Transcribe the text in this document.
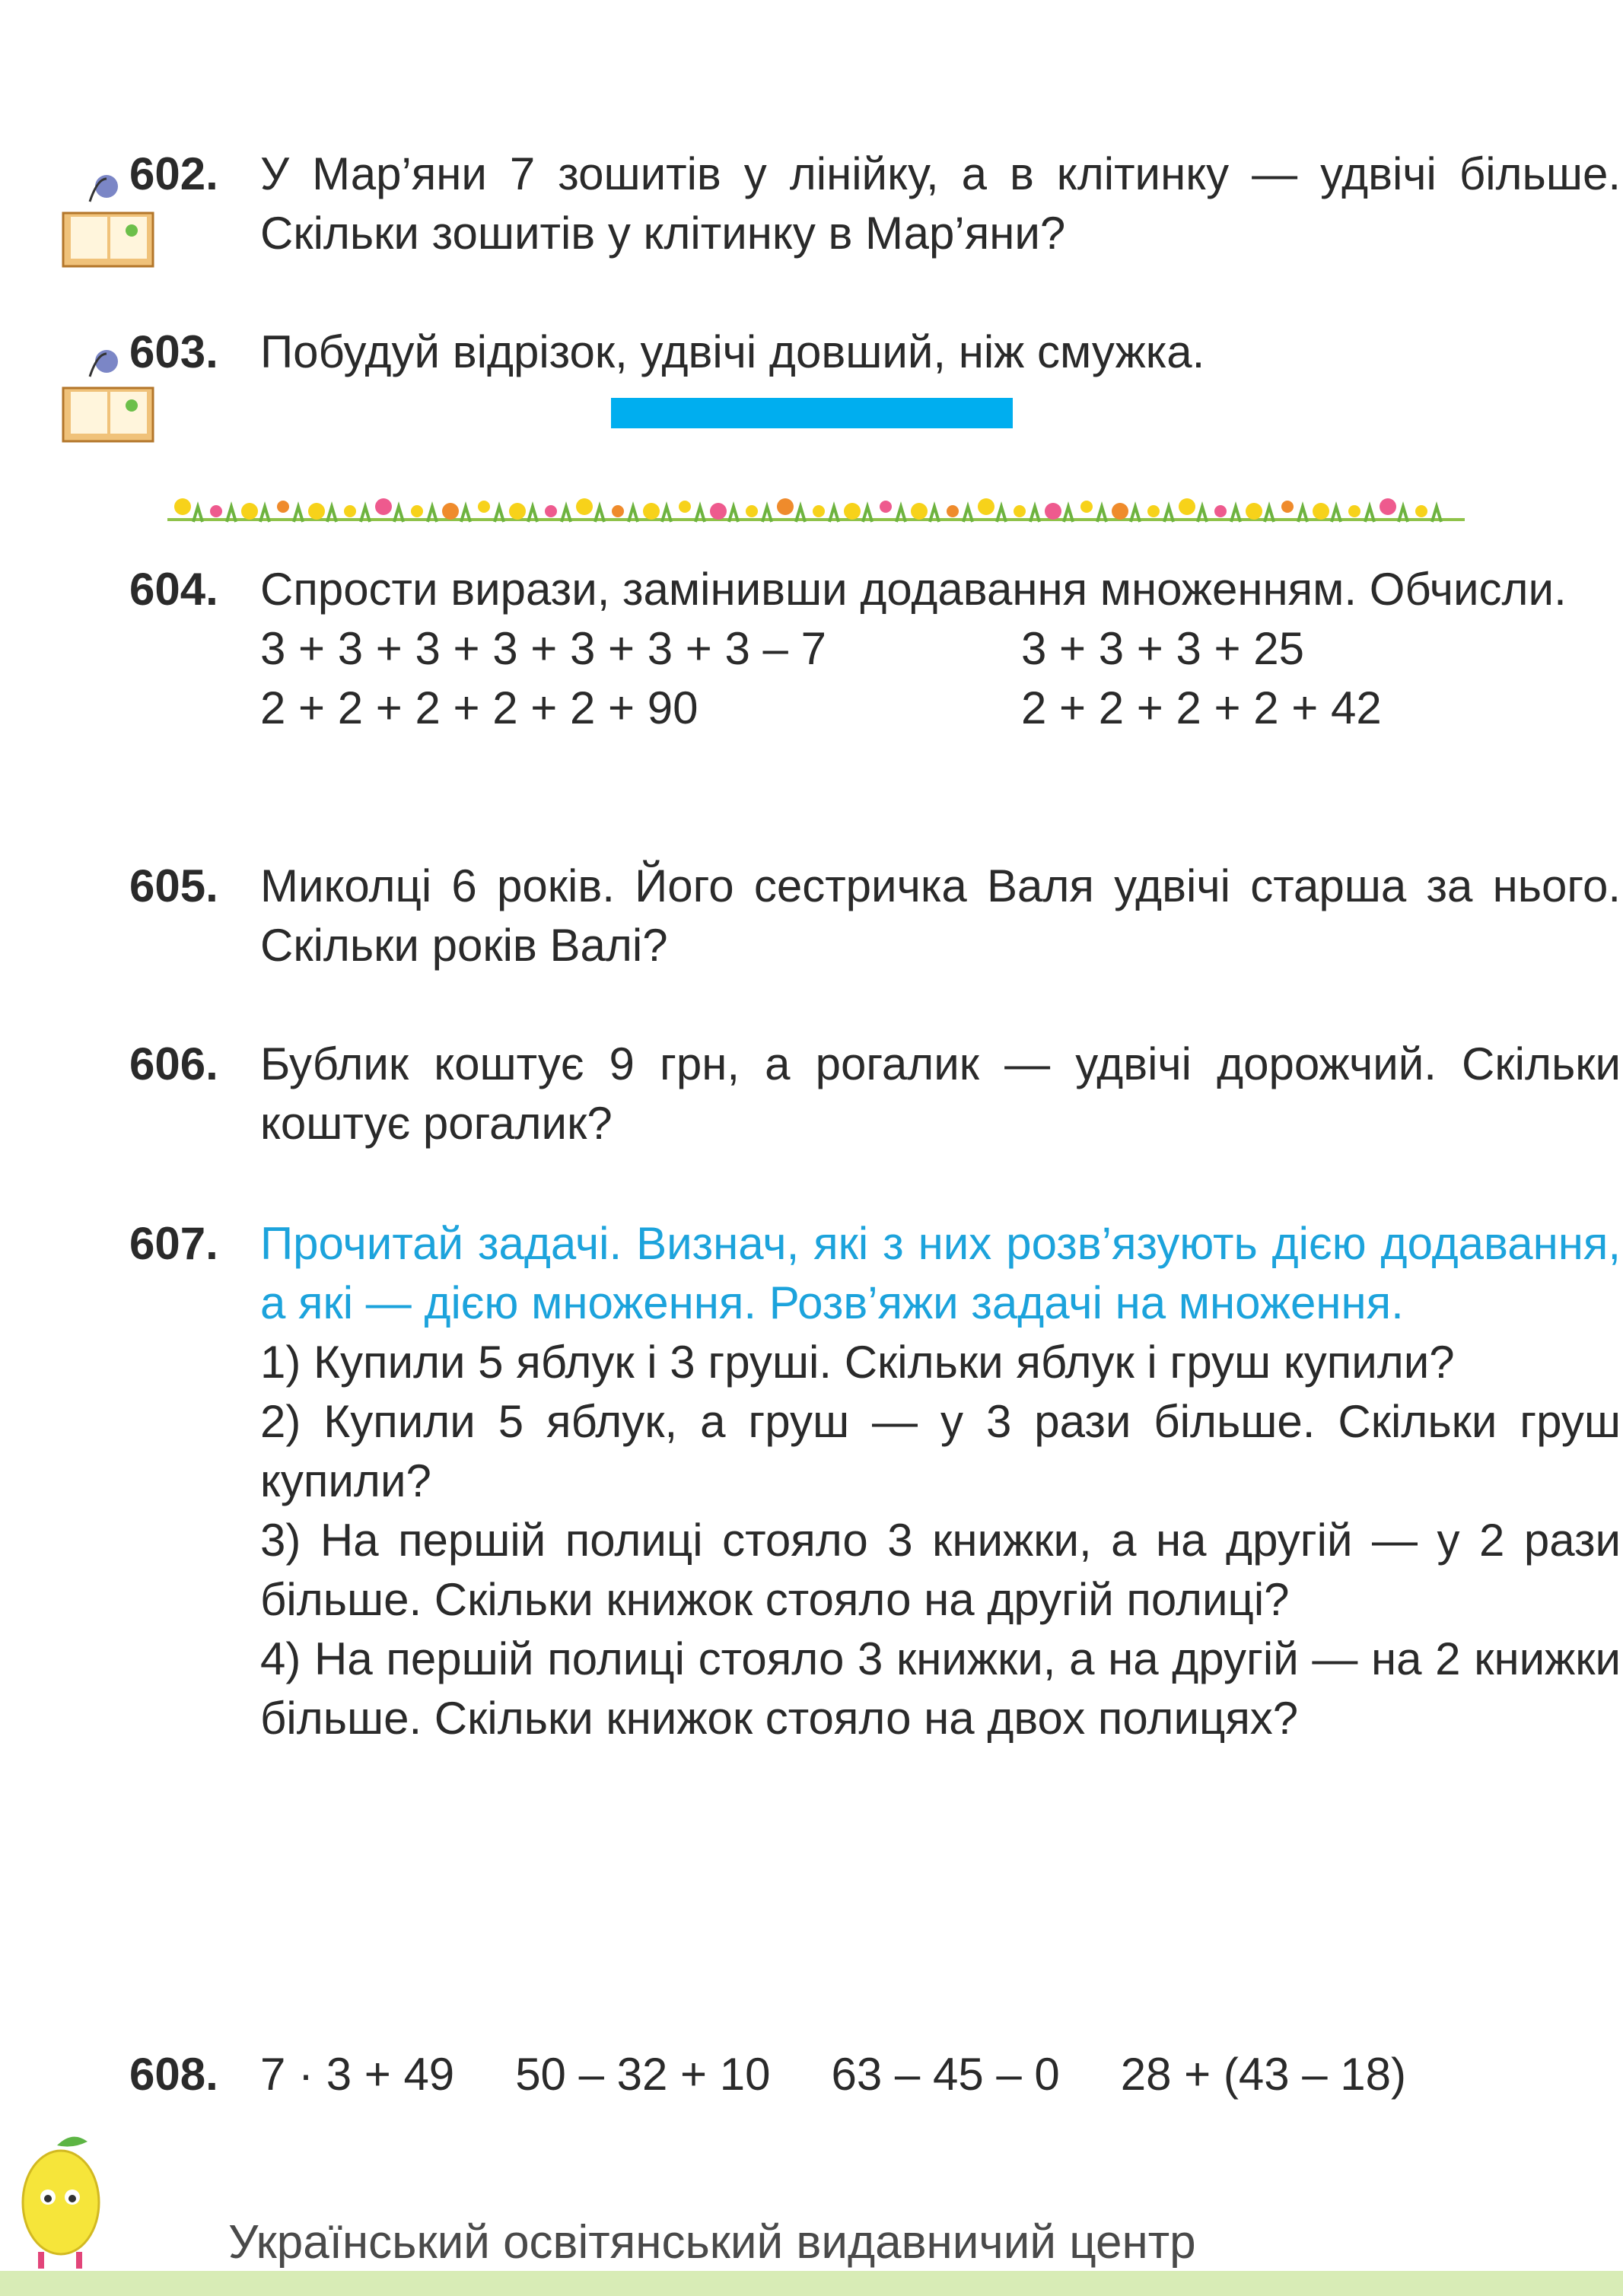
602. У Мар’яни 7 зошитів у лінійку, а в клітинку — удвічі більше. Скільки зошитів у клітинку в Мар’яни?

603. Побудуй відрізок, удвічі довший, ніж смужка.

604. Спрости вирази, замінивши додавання множенням. Обчисли.

3 + 3 + 3 + 3 + 3 + 3 + 3 – 7	3 + 3 + 3 + 25
2 + 2 + 2 + 2 + 2 + 90	2 + 2 + 2 + 2 + 42
605. Миколці 6 років. Його сестричка Валя удвічі старша за нього. Скільки років Валі?

606. Бублик коштує 9 грн, а рогалик — удвічі дорожчий. Скільки коштує рогалик?

607. Прочитай задачі. Визнач, які з них розв’язують дією додавання, а які — дією множення. Розв’яжи задачі на множення.

1) Купили 5 яблук і 3 груші. Скільки яблук і груш купили?

2) Купили 5 яблук, а груш — у 3 рази більше. Скільки груш купили?

3) На першій полиці стояло 3 книжки, а на другій — у 2 рази більше. Скільки книжок стояло на другій полиці?

4) На першій полиці стояло 3 книжки, а на другій — на 2 книжки більше. Скільки книжок стояло на двох полицях?

608. 7 · 3 + 49 50 – 32 + 10 63 – 45 – 0 28 + (43 – 18)
Український освітянський видавничий центр
